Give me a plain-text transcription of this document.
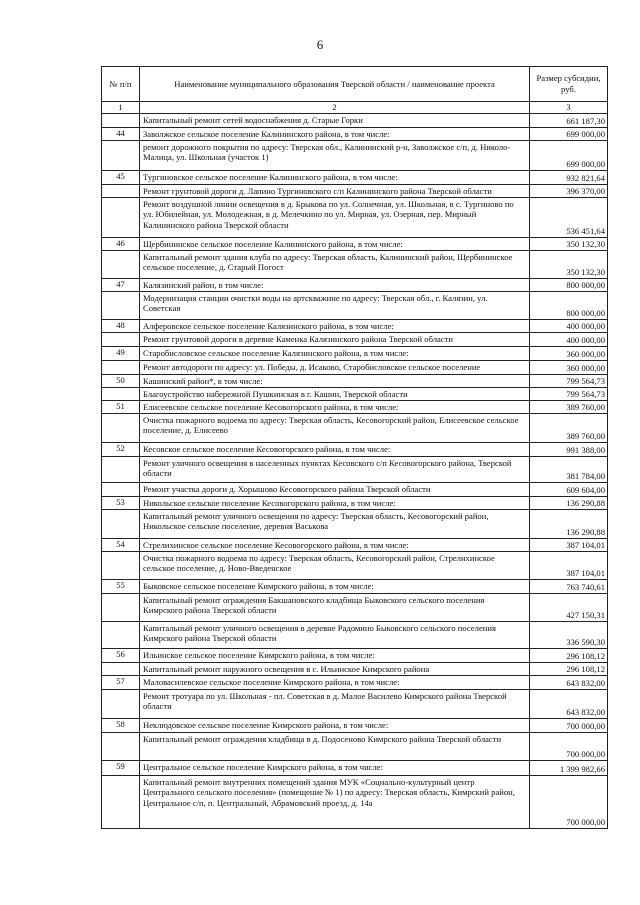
6
№ п/п	Наименование муниципального образования Тверской области / наименование проекта	Размер субсидии, руб.
1	2	3
	Капитальный ремонт сетей водоснабжения д. Старые Горки	661 187,30
44	Заволжское сельское поселение Калининского района, в том числе:	699 000,00
	ремонт дорожного покрытия по адресу: Тверская обл., Калининский р-н, Заволжское с/п, д. Николо-Малица, ул. Школьная (участок 1)	699 000,00
45	Тургиновское сельское поселение Калининского района, в том числе:	932 821,64
	Ремонт грунтовой дороги д. Лапино Тургиновского с/п Калининского района Тверской области	396 370,00
	Ремонт воздушной линии освещения в д. Брыкова по ул. Солнечная, ул. Школьная, в с. Тургиново по ул. Юбилейная, ул. Молодежная, в д. Мелечкино по ул. Мирная, ул. Озерная, пер. Мирный Калининского района Тверской области	536 451,64
46	Щербининское сельское поселение Калининского района, в том числе:	350 132,30
	Капитальный ремонт здания клуба по адресу: Тверская область, Калининский район, Щербининское сельское поселение, д. Старый Погост	350 132,30
47	Калязинский район, в том числе:	800 000,00
	Модернизация станции очистки воды на артскважине по адресу: Тверская обл., г. Калязин, ул. Советская	800 000,00
48	Алферовское сельское поселение Калязинского района, в том числе:	400 000,00
	Ремонт грунтовой дороги в деревне Каменка Калязинского района Тверской области	400 000,00
49	Старобисловское сельское поселение Калязинского района, в том числе:	360 000,00
	Ремонт автодороги по адресу: ул. Победы, д. Исаково, Старобисловское сельское поселение	360 000,00
50	Кашинский район*, в том числе:	799 564,73
	Благоустройство набережной Пушкинская в г. Кашин, Тверской области	799 564,73
51	Елисеевское сельское поселение Кесовогорского района, в том числе:	389 760,00
	Очистка пожарного водоема по адресу: Тверская область, Кесовогорский район, Елисеевское сельское поселение, д. Елисеево	389 760,00
52	Кесовское сельское поселение Кесовогорского района, в том числе:	991 388,00
	Ремонт уличного освещения в населенных пунктах Кесовского с/п Кесовогорского района, Тверской области	381 784,00
	Ремонт участка дороги д. Хорышово Кесовогорского района Тверской области	609 604,00
53	Никольское сельское поселение Кесовогорского района, в том числе:	136 290,88
	Капитальный ремонт уличного освещения по адресу: Тверская область, Кесовогорский район, Никольское сельское поселение, деревня Васькова	136 290,88
54	Стрелихинское сельское поселение Кесовогорского района, в том числе:	387 104,01
	Очистка пожарного водоема по адресу: Тверская область, Кесовогорский район, Стрелихинское сельское поселение, д. Ново-Введенское	387 104,01
55	Быковское сельское поселение Кимрского района, в том числе:	763 740,61
	Капитальный ремонт ограждения Бакшановского кладбища Быковского сельского поселения Кимрского района Тверской области	427 150,31
	Капитальный ремонт уличного освещения в деревне Радомино Быковского сельского поселения Кимрского района Тверской области	336 590,30
56	Ильинское сельское поселение Кимрского района, в том числе:	296 108,12
	Капитальный ремонт наружного освещения в с. Ильинское Кимрского района	296 108,12
57	Маловасилевское сельское поселение Кимрского района, в том числе:	643 832,00
	Ремонт тротуара по ул. Школьная - пл. Советская в д. Малое Василево Кимрского района Тверской области	643 832,00
58	Неклюдовское сельское поселение Кимрского района, в том числе:	700 000,00
	Капитальный ремонт ограждения кладбища в д. Подосеново Кимрского района Тверской области	700 000,00
59	Центральное сельское поселение Кимрского района, в том числе:	1 399 982,66
	Капитальный ремонт внутренних помещений здания МУК «Социально-культурный центр Центрального сельского поселения» (помещение № 1) по адресу: Тверская область, Кимрский район, Центральное с/п, п. Центральный, Абрамовский проезд, д. 14а	700 000,00
